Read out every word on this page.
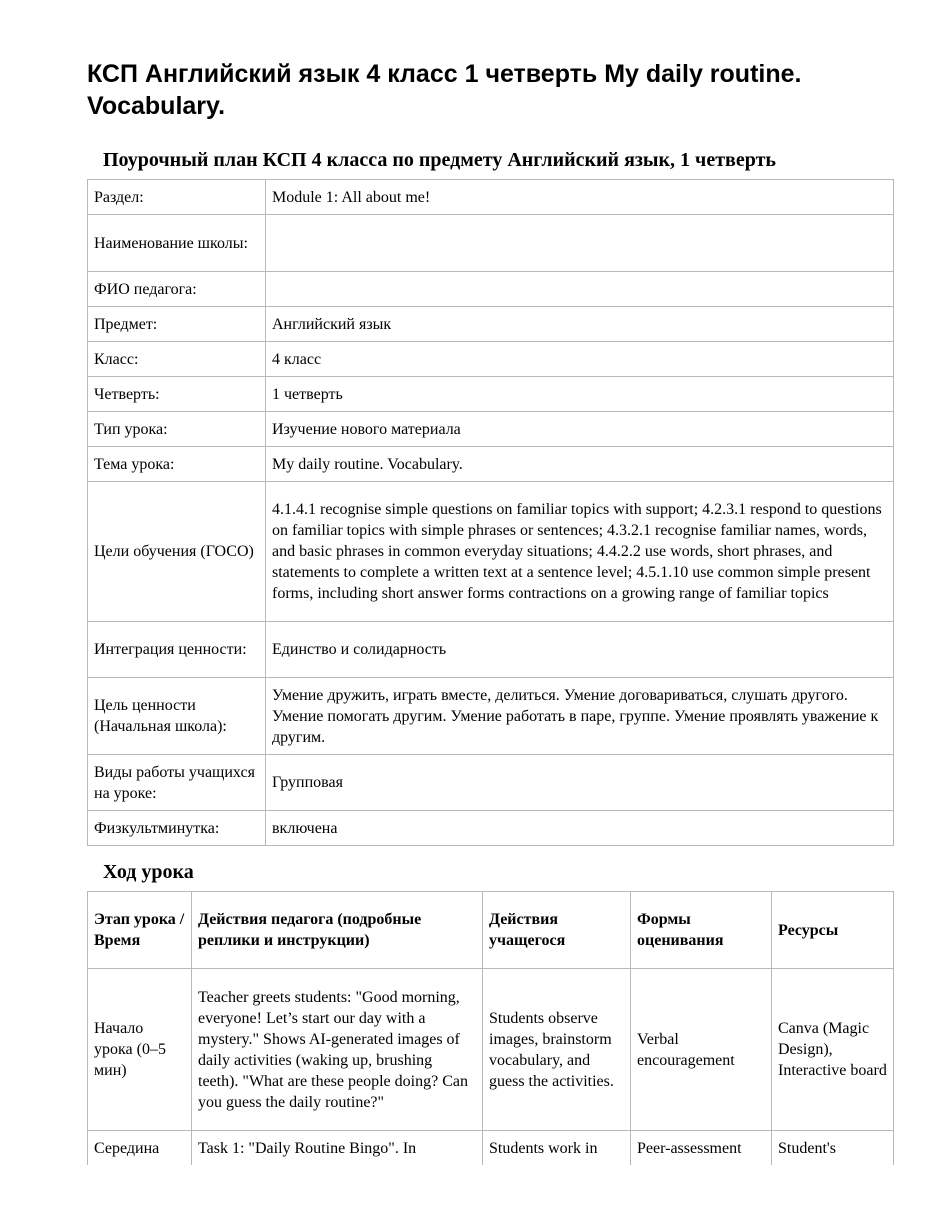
КСП Английский язык 4 класс 1 четверть My daily routine. Vocabulary.
Поурочный план КСП 4 класса по предмету Английский язык, 1 четверть
Раздел:	Module 1: All about me!
Наименование школы:	
ФИО педагога:	
Предмет:	Английский язык
Класс:	4 класс
Четверть:	1 четверть
Тип урока:	Изучение нового материала
Тема урока:	My daily routine. Vocabulary.
Цели обучения (ГОСО)	4.1.4.1 recognise simple questions on familiar topics with support; 4.2.3.1 respond to questions on familiar topics with simple phrases or sentences; 4.3.2.1 recognise familiar names, words, and basic phrases in common everyday situations; 4.4.2.2 use words, short phrases, and statements to complete a written text at a sentence level; 4.5.1.10 use common simple present forms, including short answer forms contractions on a growing range of familiar topics
Интеграция ценности:	Единство и солидарность
Цель ценности (Начальная школа):	Умение дружить, играть вместе, делиться. Умение договариваться, слушать другого. Умение помогать другим. Умение работать в паре, группе. Умение проявлять уважение к другим.
Виды работы учащихся на уроке:	Групповая
Физкультминутка:	включена
Ход урока
Этап урока / Время	Действия педагога (подробные реплики и инструкции)	Действия учащегося	Формы оценивания	Ресурсы
Начало урока (0–5 мин)	Teacher greets students: "Good morning, everyone! Let’s start our day with a mystery." Shows AI-generated images of daily activities (waking up, brushing teeth). "What are these people doing? Can you guess the daily routine?"	Students observe images, brainstorm vocabulary, and guess the activities.	Verbal encouragement	Canva (Magic Design), Interactive board
Середина	Task 1: "Daily Routine Bingo". In	Students work in	Peer-assessment	Student's
